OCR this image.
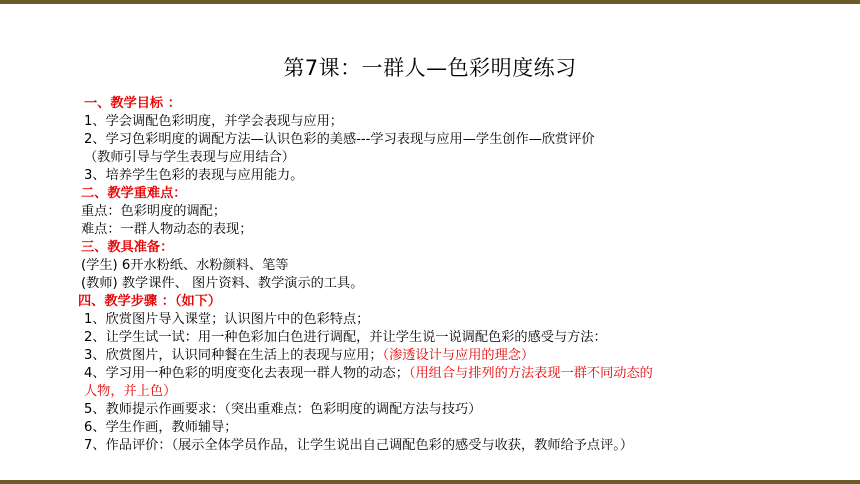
第7课：一群人—色彩明度练习

一、教学目标 ：

1、学会调配色彩明度，并学会表现与应用；

2、学习色彩明度的调配方法—认识色彩的美感---学习表现与应用—学生创作—欣赏评价

（教师引导与学生表现与应用结合）

3、培养学生色彩的表现与应用能力。

二、教学重难点：

重点：色彩明度的调配；

难点：一群人物动态的表现；

三、教具准备：

(学生) 6开水粉纸、水粉颜料、笔等

(教师) 教学课件、 图片资料、教学演示的工具。

四、教学步骤 ：（如下）

1、欣赏图片导入课堂；认识图片中的色彩特点；

2、让学生试一试：用一种色彩加白色进行调配，并让学生说一说调配色彩的感受与方法：

3、欣赏图片，认识同种餐在生活上的表现与应用；（渗透设计与应用的理念）

4、学习用一种色彩的明度变化去表现一群人物的动态；（用组合与排列的方法表现一群不同动态的

人物，并上色）

5、教师提示作画要求：（突出重难点：色彩明度的调配方法与技巧）

6、学生作画，教师辅导；

7、作品评价：（展示全体学员作品，让学生说出自己调配色彩的感受与收获，教师给予点评。）
